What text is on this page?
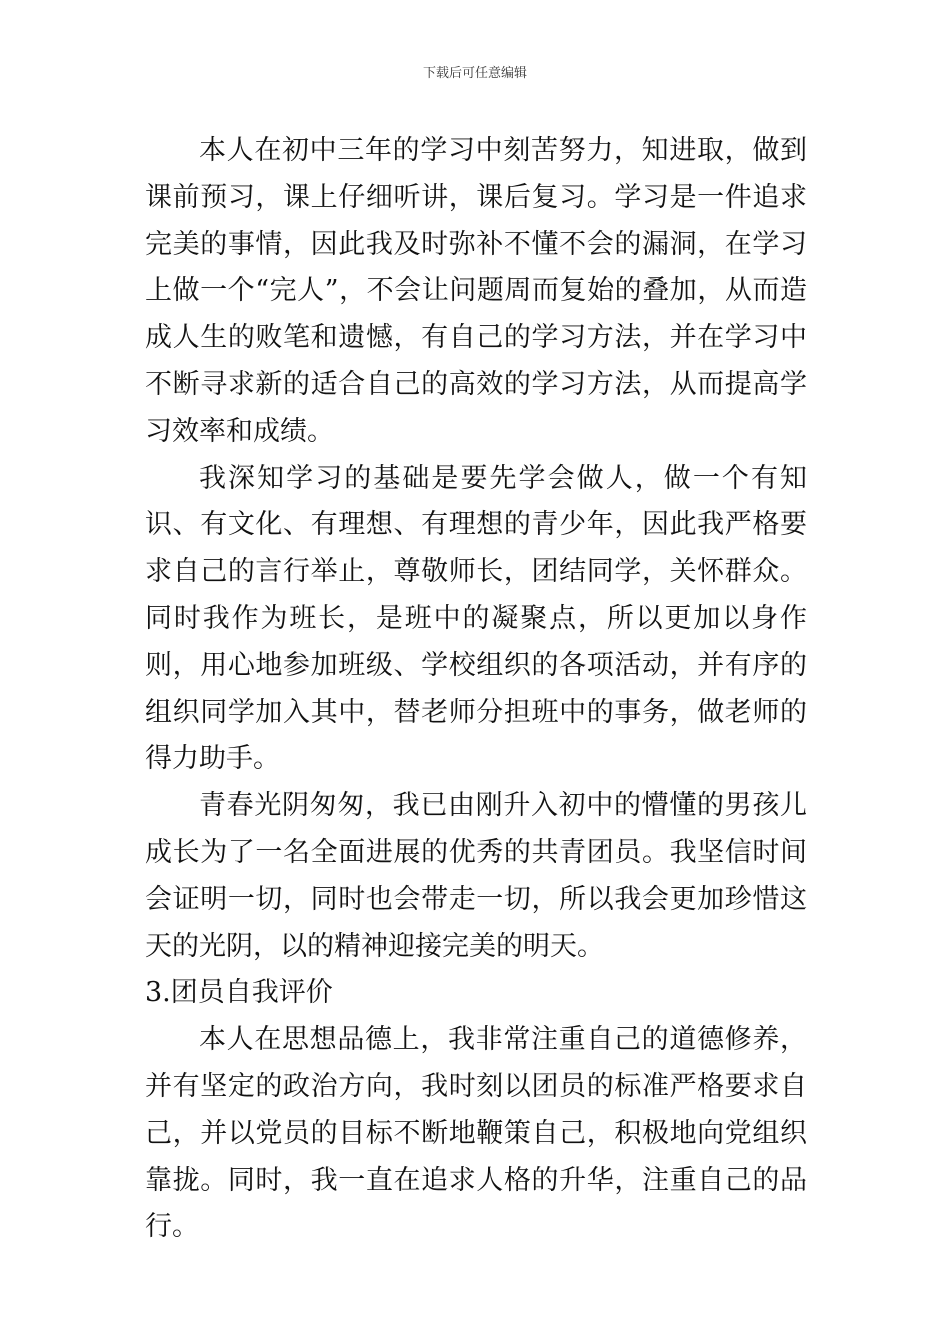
下载后可任意编辑

本人在初中三年的学习中刻苦努力，知进取，做到课前预习，课上仔细听讲，课后复习。学习是一件追求完美的事情，因此我及时弥补不懂不会的漏洞，在学习上做一个“完人”，不会让问题周而复始的叠加，从而造成人生的败笔和遗憾，有自己的学习方法，并在学习中不断寻求新的适合自己的高效的学习方法，从而提高学习效率和成绩。

我深知学习的基础是要先学会做人，做一个有知识、有文化、有理想、有理想的青少年，因此我严格要求自己的言行举止，尊敬师长，团结同学，关怀群众。同时我作为班长，是班中的凝聚点，所以更加以身作则，用心地参加班级、学校组织的各项活动，并有序的组织同学加入其中，替老师分担班中的事务，做老师的得力助手。

青春光阴匆匆，我已由刚升入初中的懵懂的男孩儿成长为了一名全面进展的优秀的共青团员。我坚信时间会证明一切，同时也会带走一切，所以我会更加珍惜这天的光阴，以的精神迎接完美的明天。

3.团员自我评价

本人在思想品德上，我非常注重自己的道德修养，并有坚定的政治方向，我时刻以团员的标准严格要求自己，并以党员的目标不断地鞭策自己，积极地向党组织靠拢。同时，我一直在追求人格的升华，注重自己的品行。
